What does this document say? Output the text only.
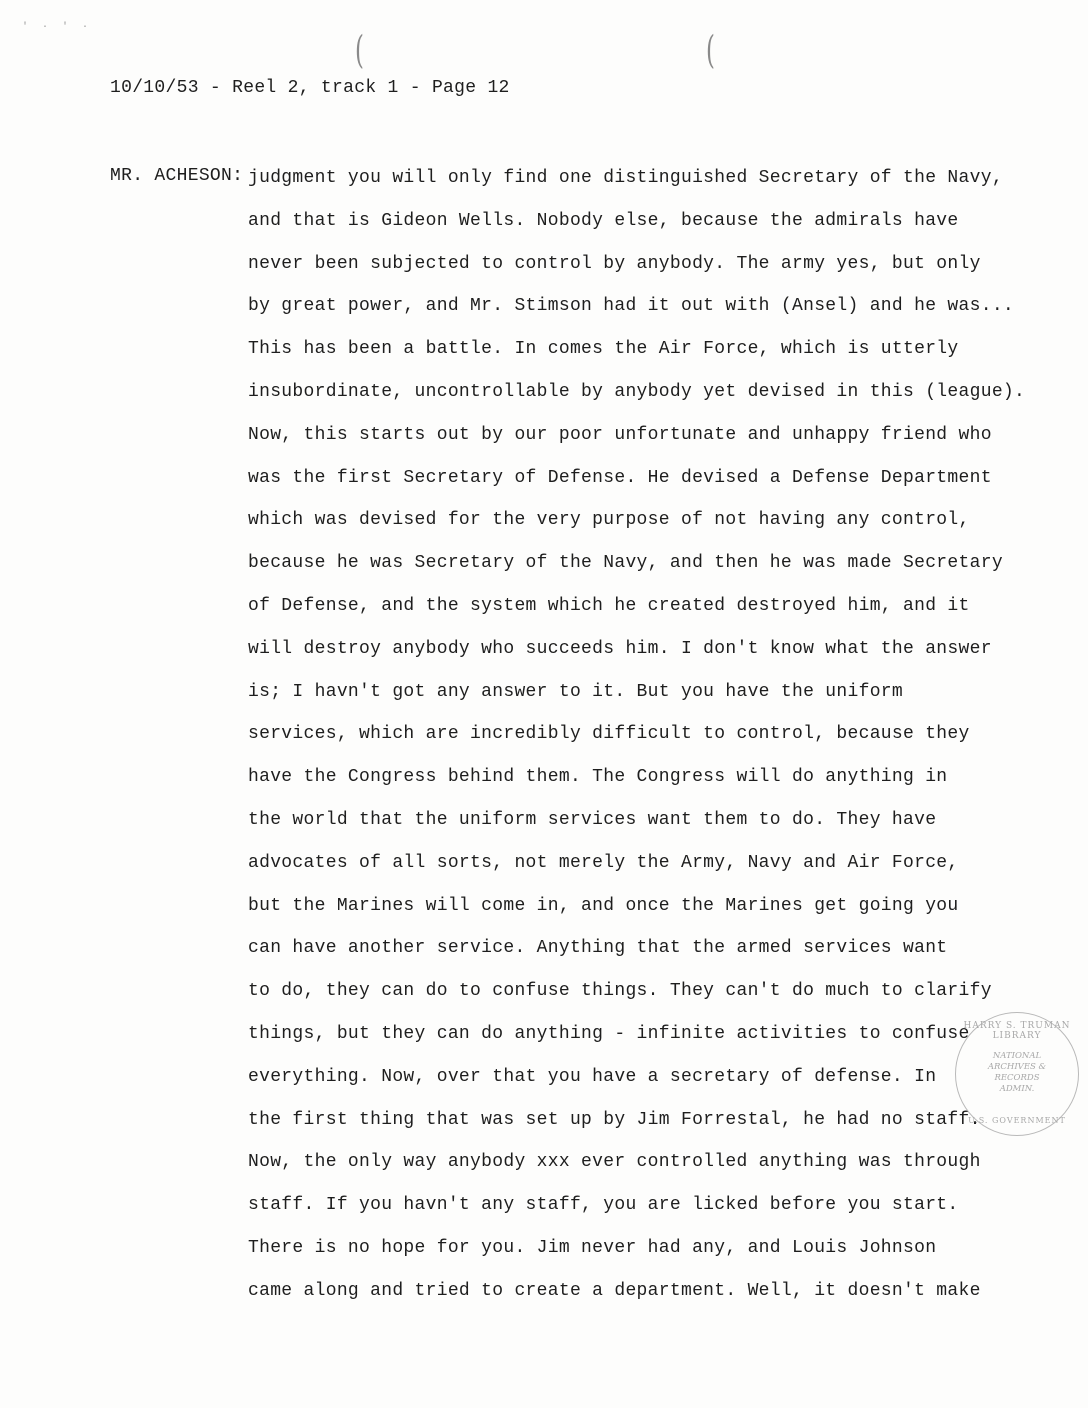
' · ' ·
(	(
10/10/53 - Reel 2, track 1 - Page 12
MR. ACHESON: judgment you will only find one distinguished Secretary of the Navy,
and that is Gideon Wells. Nobody else, because the admirals have
never been subjected to control by anybody. The army yes, but only
by great power, and Mr. Stimson had it out with (Ansel) and he was...
This has been a battle. In comes the Air Force, which is utterly
insubordinate, uncontrollable by anybody yet devised in this (league).
Now, this starts out by our poor unfortunate and unhappy friend who
was the first Secretary of Defense. He devised a Defense Department
which was devised for the very purpose of not having any control,
because he was Secretary of the Navy, and then he was made Secretary
of Defense, and the system which he created destroyed him, and it
will destroy anybody who succeeds him. I don't know what the answer
is; I havn't got any answer to it. But you have the uniform
services, which are incredibly difficult to control, because they
have the Congress behind them. The Congress will do anything in
the world that the uniform services want them to do. They have
advocates of all sorts, not merely the Army, Navy and Air Force,
but the Marines will come in, and once the Marines get going you
can have another service. Anything that the armed services want
to do, they can do to confuse things. They can't do much to clarify
things, but they can do anything - infinite activities to confuse
everything. Now, over that you have a secretary of defense. In
the first thing that was set up by Jim Forrestal, he had no staff.
Now, the only way anybody xxx ever controlled anything was through
staff. If you havn't any staff, you are licked before you start.
There is no hope for you. Jim never had any, and Louis Johnson
came along and tried to create a department. Well, it doesn't make
HARRY S. TRUMAN LIBRARY
NATIONAL
ARCHIVES &
RECORDS
ADMIN.
U.S. GOVERNMENT
